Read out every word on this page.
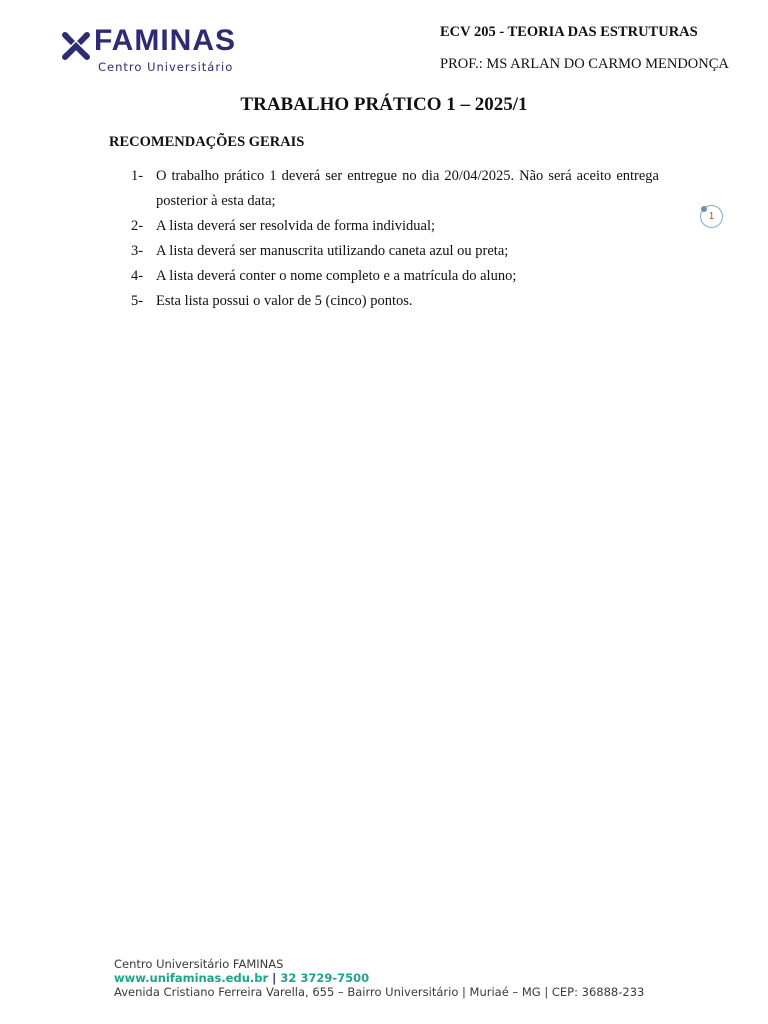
FAMINAS
Centro Universitário
ECV 205 - TEORIA DAS ESTRUTURAS
PROF.: MS ARLAN DO CARMO MENDONÇA
TRABALHO PRÁTICO 1 – 2025/1
RECOMENDAÇÕES GERAIS
1- O trabalho prático 1 deverá ser entregue no dia 20/04/2025. Não será aceito entrega posterior à esta data;
2- A lista deverá ser resolvida de forma individual;
3- A lista deverá ser manuscrita utilizando caneta azul ou preta;
4- A lista deverá conter o nome completo e a matrícula do aluno;
5- Esta lista possui o valor de 5 (cinco) pontos.
1
Centro Universitário FAMINAS
www.unifaminas.edu.br | 32 3729-7500
Avenida Cristiano Ferreira Varella, 655 – Bairro Universitário | Muriaé – MG | CEP: 36888-233
